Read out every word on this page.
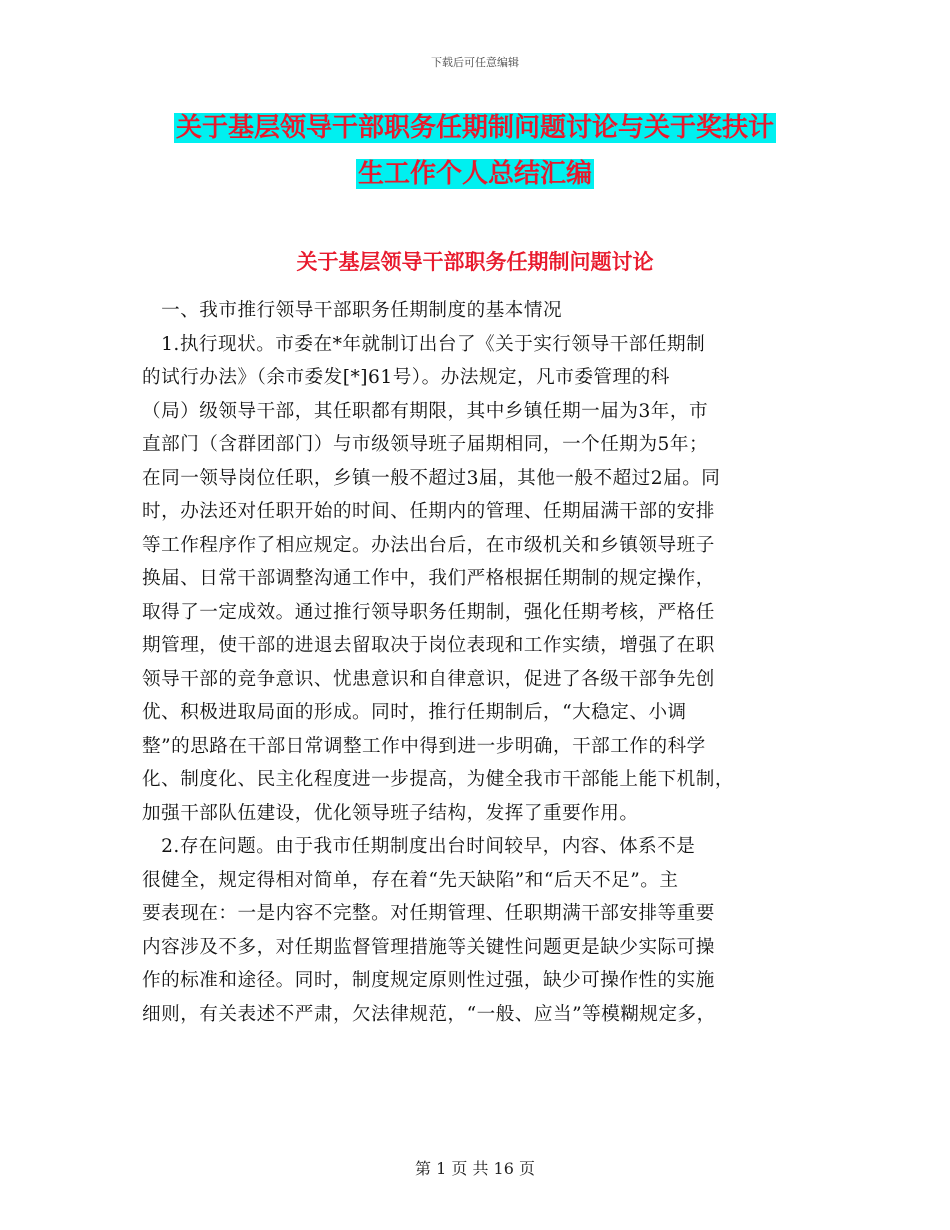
下载后可任意编辑
关于基层领导干部职务任期制问题讨论与关于奖扶计
生工作个人总结汇编
关于基层领导干部职务任期制问题讨论
　一、我市推行领导干部职务任期制度的基本情况
　1.执行现状。市委在*年就制订出台了《关于实行领导干部任期制
的试行办法》（余市委发[*]61号）。办法规定，凡市委管理的科
（局）级领导干部，其任职都有期限，其中乡镇任期一届为3年，市
直部门（含群团部门）与市级领导班子届期相同，一个任期为5年；
在同一领导岗位任职，乡镇一般不超过3届，其他一般不超过2届。同
时，办法还对任职开始的时间、任期内的管理、任期届满干部的安排
等工作程序作了相应规定。办法出台后，在市级机关和乡镇领导班子
换届、日常干部调整沟通工作中，我们严格根据任期制的规定操作，
取得了一定成效。通过推行领导职务任期制，强化任期考核，严格任
期管理，使干部的进退去留取决于岗位表现和工作实绩，增强了在职
领导干部的竞争意识、忧患意识和自律意识，促进了各级干部争先创
优、积极进取局面的形成。同时，推行任期制后，“大稳定、小调
整”的思路在干部日常调整工作中得到进一步明确，干部工作的科学
化、制度化、民主化程度进一步提高，为健全我市干部能上能下机制，
加强干部队伍建设，优化领导班子结构，发挥了重要作用。
　2.存在问题。由于我市任期制度出台时间较早，内容、体系不是
很健全，规定得相对简单，存在着“先天缺陷”和“后天不足”。主
要表现在：一是内容不完整。对任期管理、任职期满干部安排等重要
内容涉及不多，对任期监督管理措施等关键性问题更是缺少实际可操
作的标准和途径。同时，制度规定原则性过强，缺少可操作性的实施
细则，有关表述不严肃，欠法律规范，“一般、应当”等模糊规定多，
第 1 页 共 16 页
